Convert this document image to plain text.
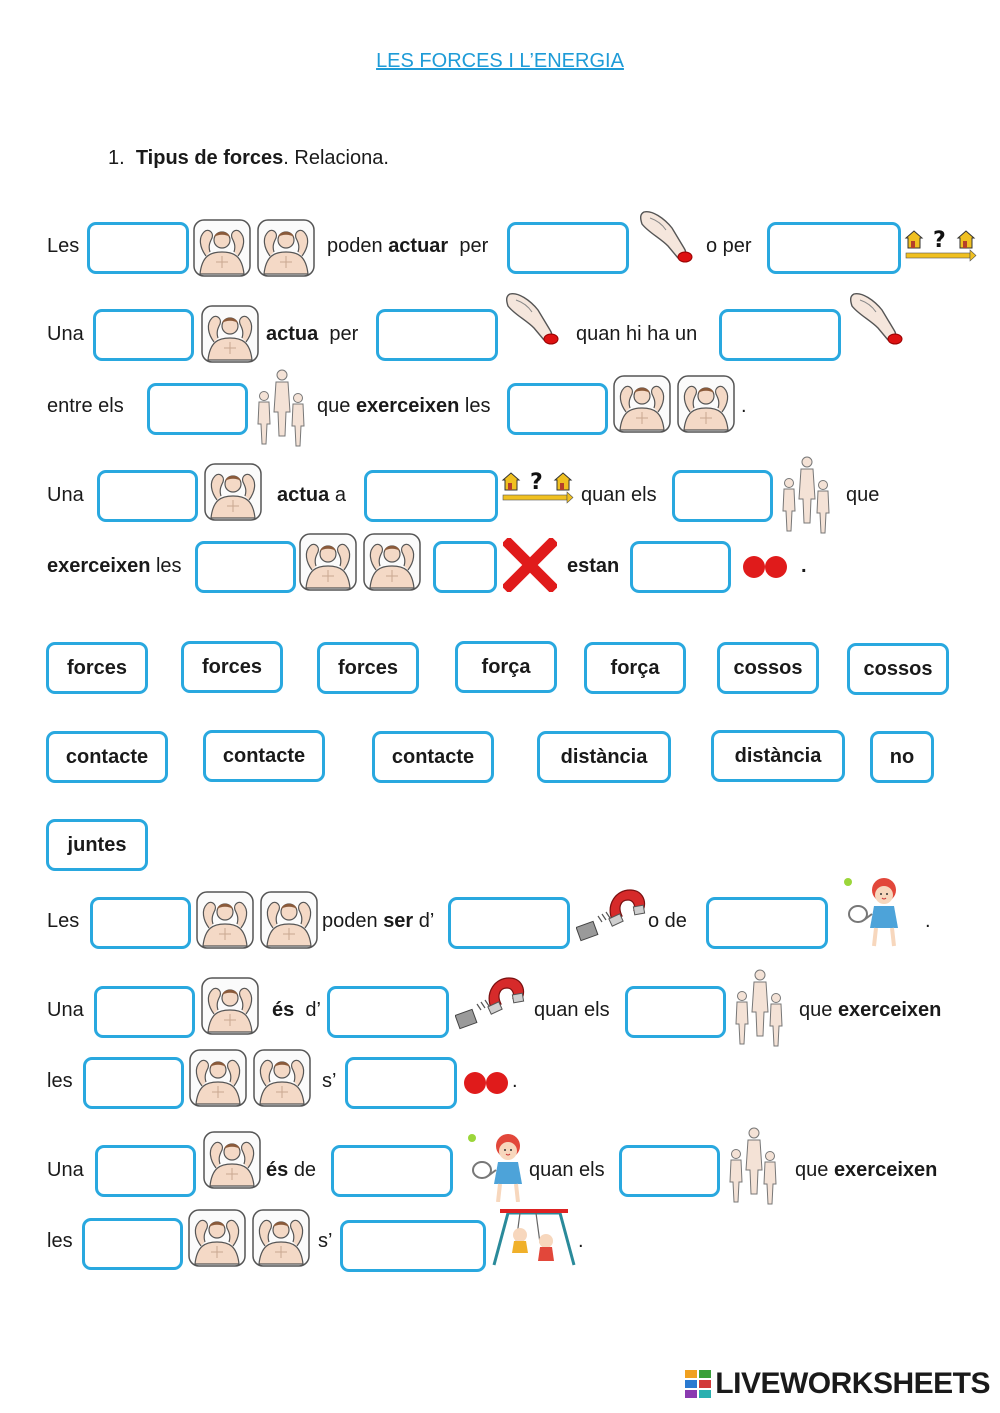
LES FORCES I L’ENERGIA
1. Tipus de forces. Relaciona.
Les	poden actuar per	o per
Una	actua per	quan hi ha un
entre els	que exerceixen les	.
Una	actua a	quan els	que
exerceixen les	estan	.
forces	forces	forces	força	força	cossos	cossos
contacte	contacte	contacte	distància	distància	no
juntes
Les	poden ser d’	o de	.
Una	és d’	quan els	que exerceixen
les	s’	.
Una	és de	quan els	que exerceixen
les	s’	.
LIVEWORKSHEETS
